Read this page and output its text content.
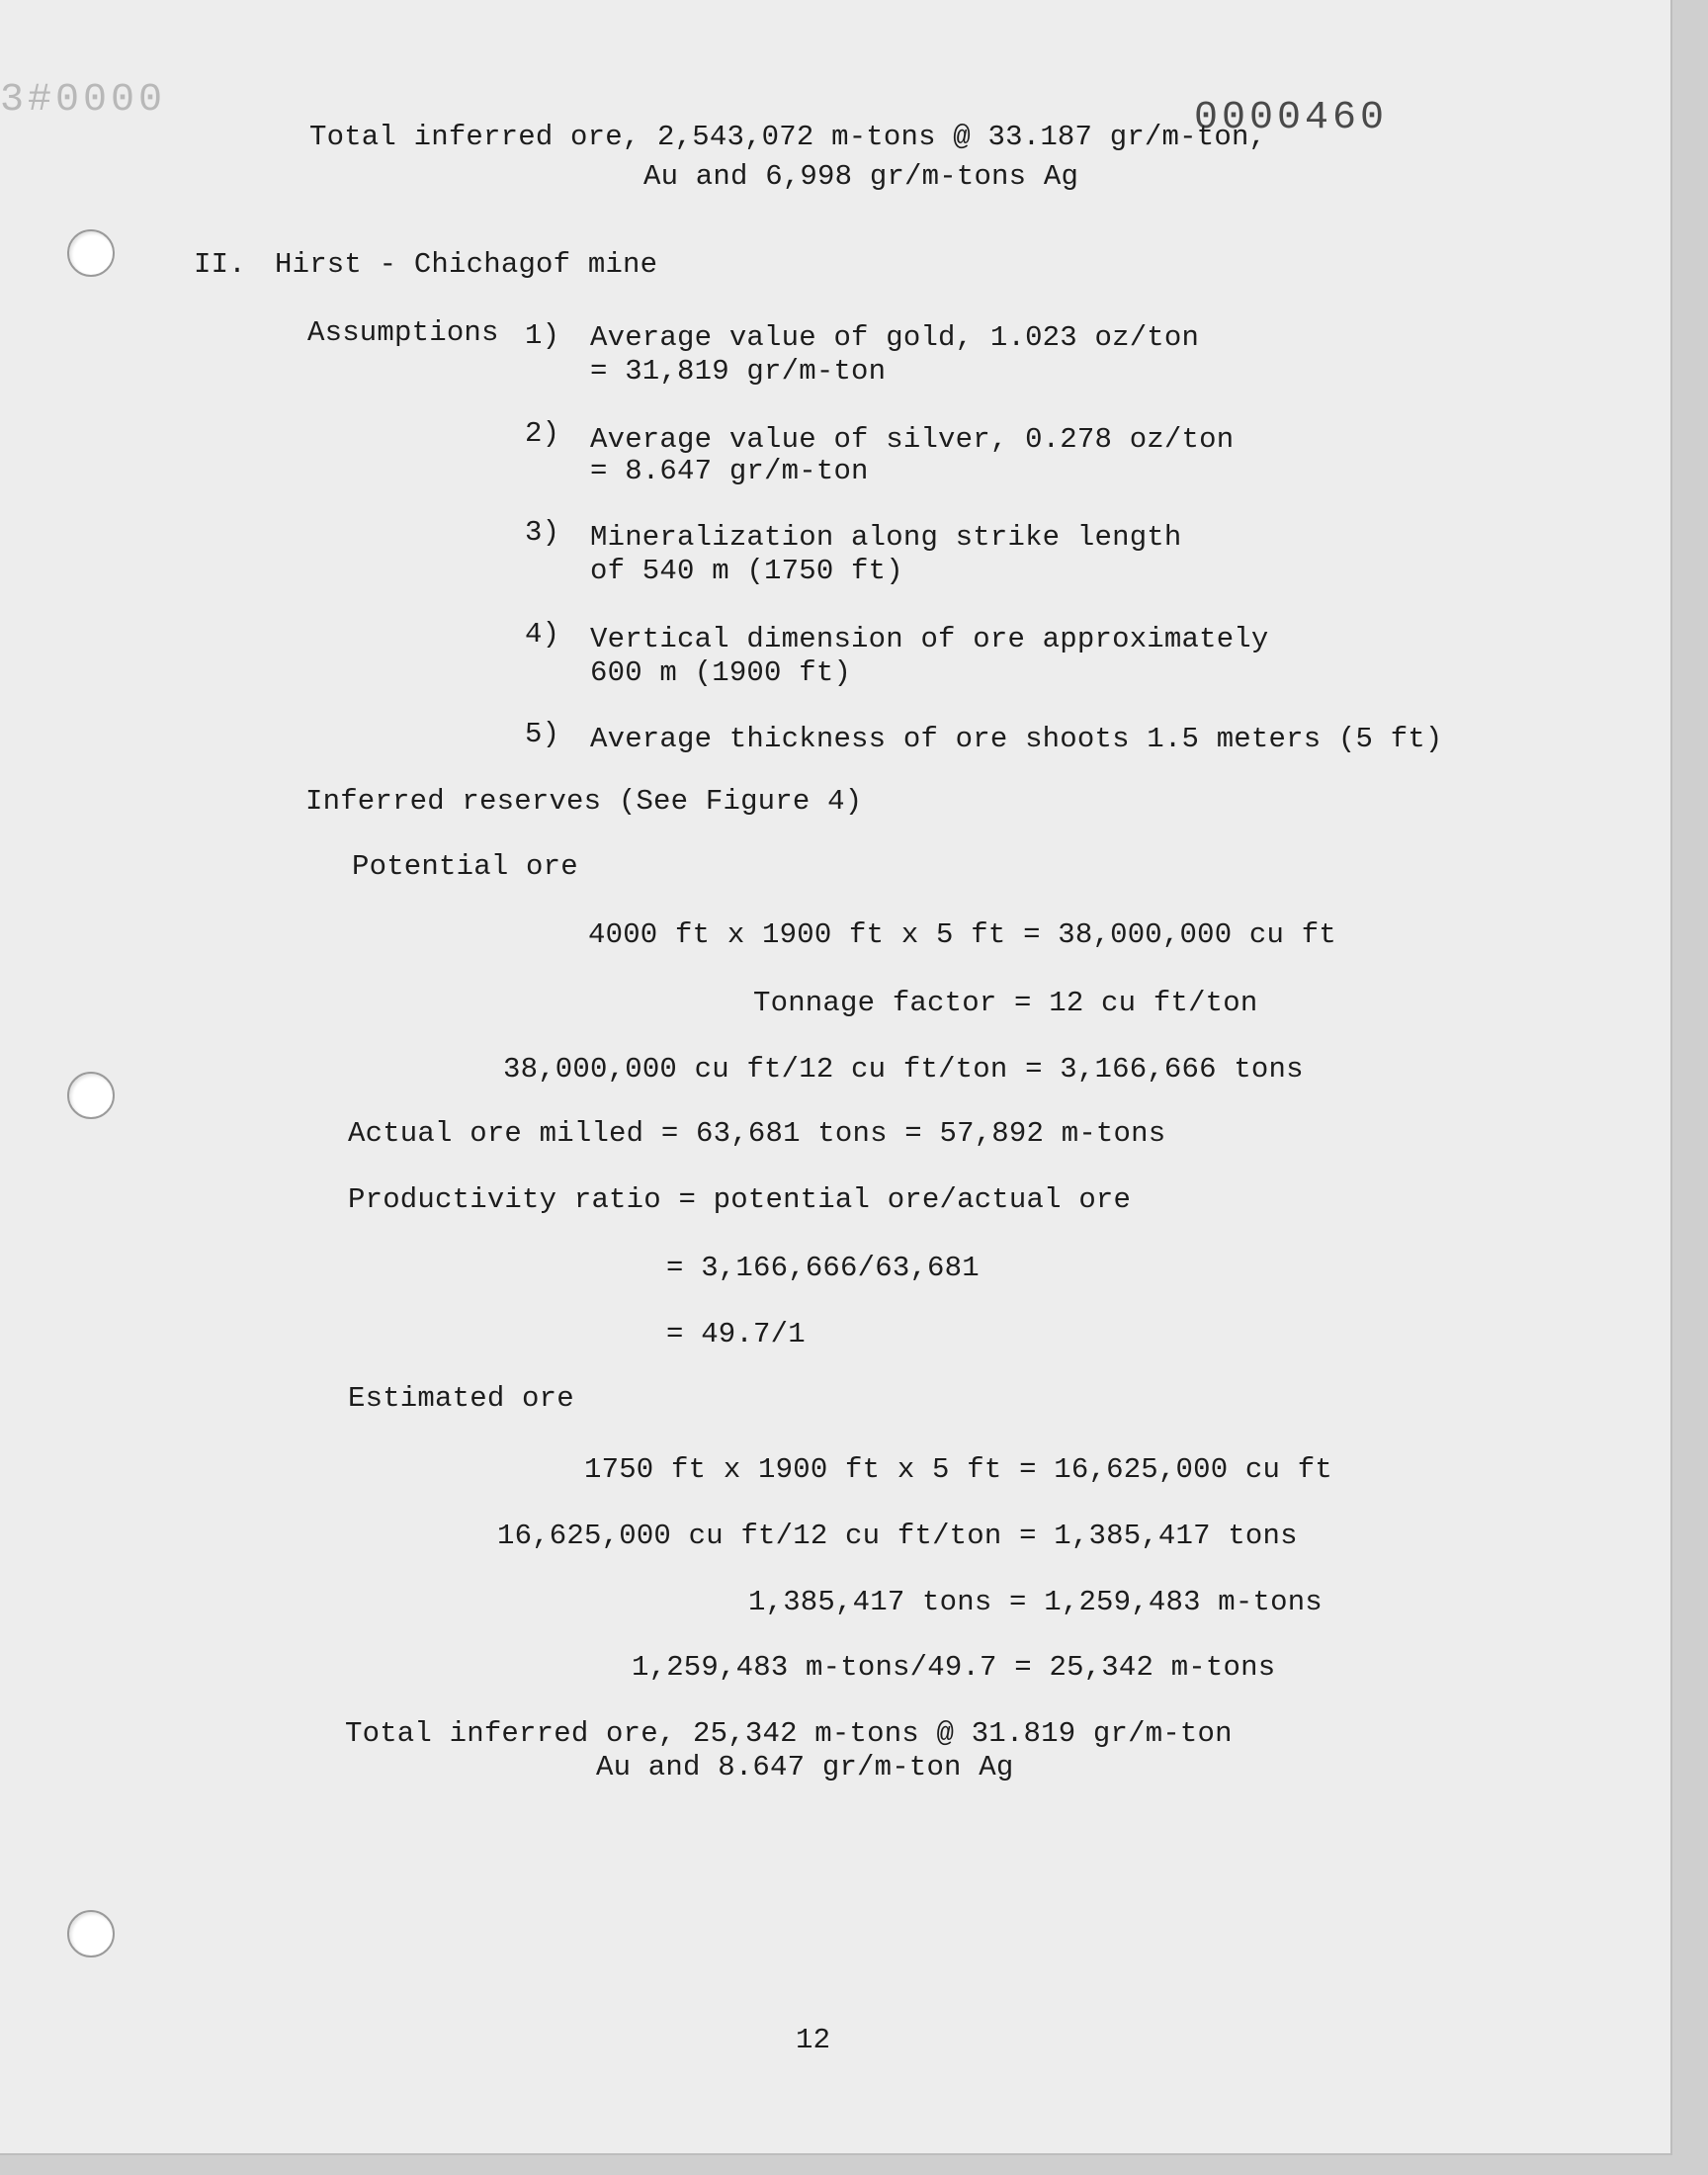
3#0000	0000460
Total inferred ore, 2,543,072 m-tons @ 33.187 gr/m-ton,
Au and 6,998 gr/m-tons Ag
II. Hirst - Chichagof mine
Assumptions 1) Average value of gold, 1.023 oz/ton
= 31,819 gr/m-ton
2) Average value of silver, 0.278 oz/ton
= 8.647 gr/m-ton
3) Mineralization along strike length
of 540 m (1750 ft)
4) Vertical dimension of ore approximately
600 m (1900 ft)
5) Average thickness of ore shoots 1.5 meters (5 ft)
Inferred reserves (See Figure 4)
Potential ore
4000 ft x 1900 ft x 5 ft = 38,000,000 cu ft
Tonnage factor = 12 cu ft/ton
38,000,000 cu ft/12 cu ft/ton = 3,166,666 tons
Actual ore milled = 63,681 tons = 57,892 m-tons
Productivity ratio = potential ore/actual ore
= 3,166,666/63,681
= 49.7/1
Estimated ore
1750 ft x 1900 ft x 5 ft = 16,625,000 cu ft
16,625,000 cu ft/12 cu ft/ton = 1,385,417 tons
1,385,417 tons = 1,259,483 m-tons
1,259,483 m-tons/49.7 = 25,342 m-tons
Total inferred ore, 25,342 m-tons @ 31.819 gr/m-ton
Au and 8.647 gr/m-ton Ag
12
